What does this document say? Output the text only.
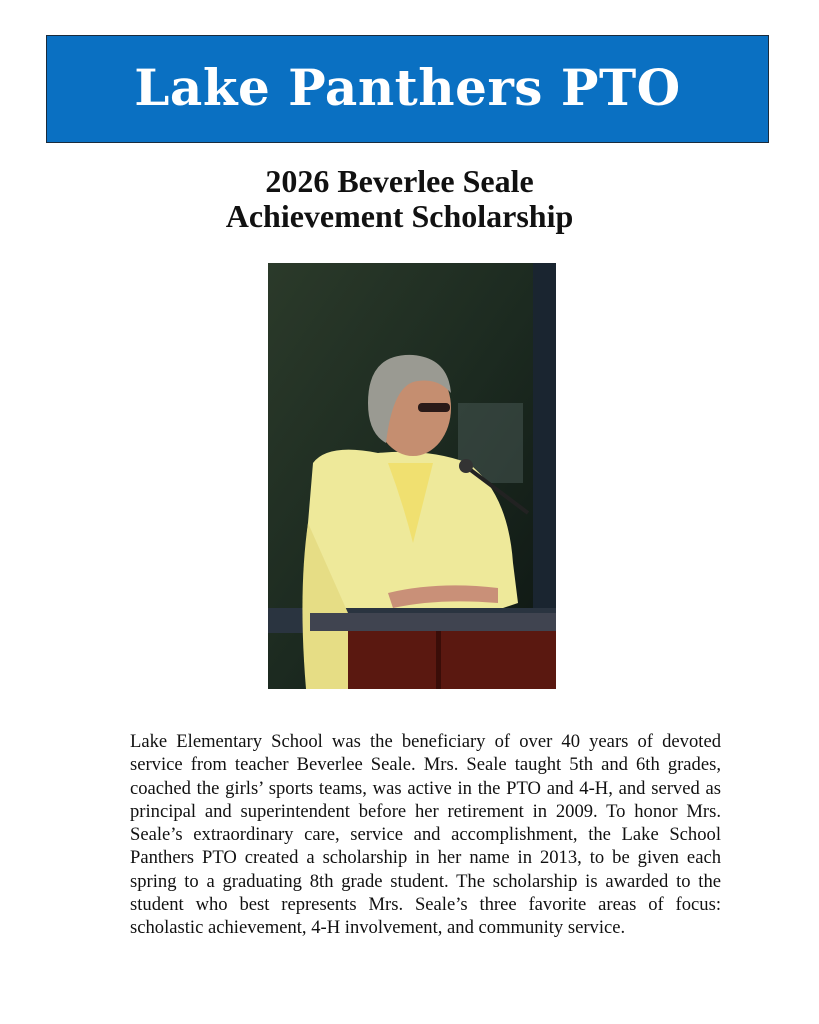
Lake Panthers PTO
2026 Beverlee Seale
Achievement Scholarship
Lake Elementary School was the beneficiary of over 40 years of devoted service from teacher Beverlee Seale. Mrs. Seale taught 5th and 6th grades, coached the girls’ sports teams, was active in the PTO and 4-H, and served as principal and superintendent before her retirement in 2009. To honor Mrs. Seale’s extraordinary care, service and accomplishment, the Lake School Panthers PTO created a scholarship in her name in 2013, to be given each spring to a graduating 8th grade student. The scholarship is awarded to the student who best represents Mrs. Seale’s three favorite areas of focus: scholastic achievement, 4-H involvement, and community service.
